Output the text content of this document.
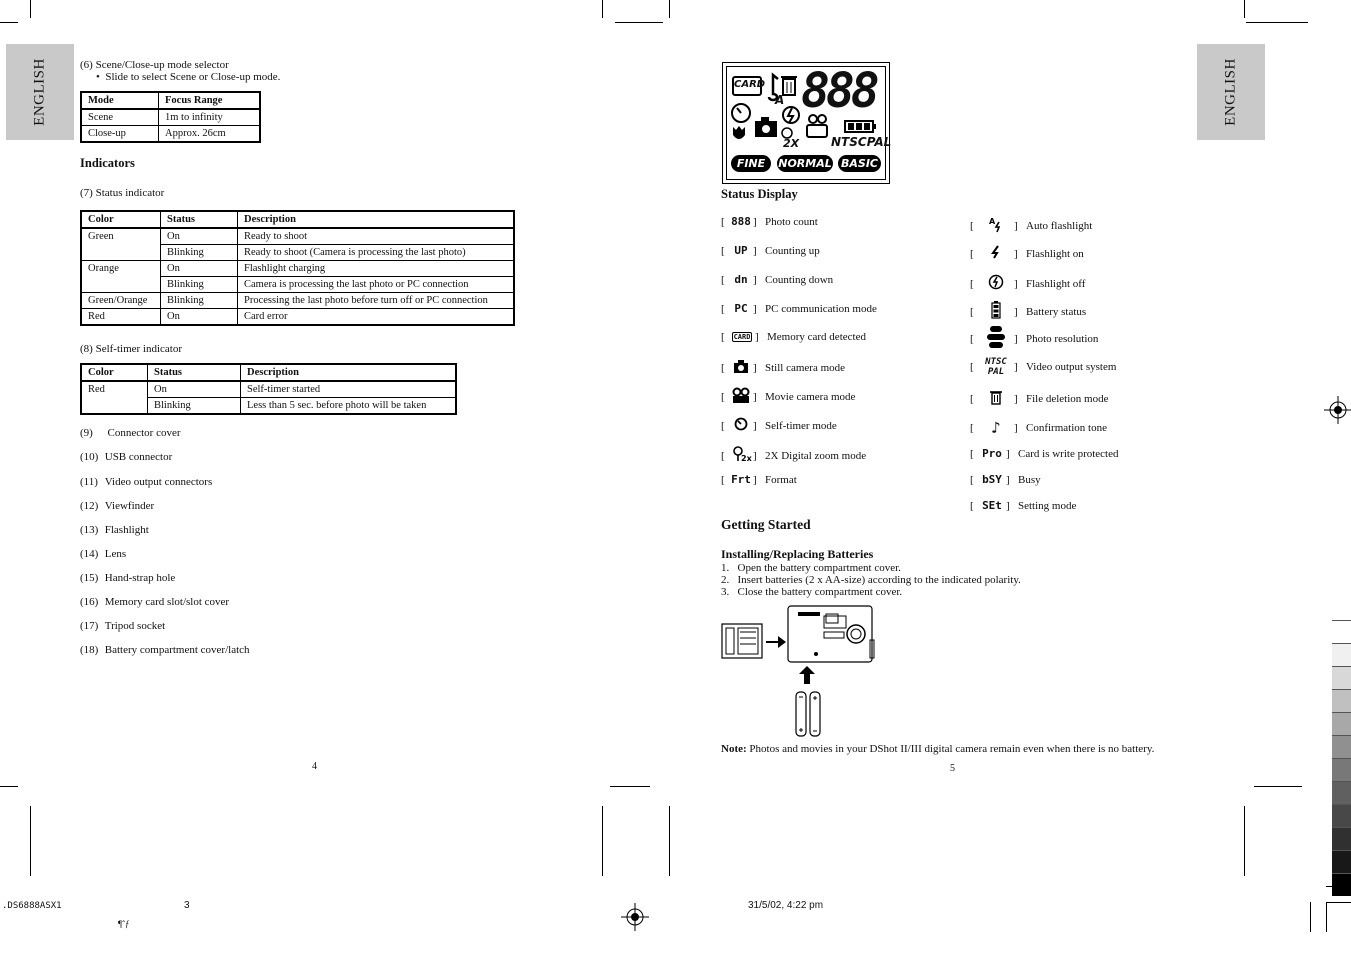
ENGLISH	(6) Scene/Close-up mode selector
•  Slide to select Scene or Close-up mode.
Mode	Focus Range
Scene	1m to infinity
Close-up	Approx. 26cm
Indicators
(7) Status indicator
Color	Status	Description
Green	On	Ready to shoot
	Blinking	Ready to shoot (Camera is processing the last photo)
Orange	On	Flashlight charging
	Blinking	Camera is processing the last photo or PC connection
Green/Orange	Blinking	Processing the last photo before turn off or PC connection
Red	On	Card error
(8) Self-timer indicator
Color	Status	Description
Red	On	Self-timer started
	Blinking	Less than 5 sec. before photo will be taken
(9) Connector cover
(10) USB connector
(11) Video output connectors
(12) Viewfinder
(13) Flashlight
(14) Lens
(15) Hand-strap hole
(16) Memory card slot/slot cover
(17) Tripod socket
(18) Battery compartment cover/latch
4
ENGLISH
CARD
A 888
2X	NTSCPAL
FINE	NORMAL BASIC
Status Display
[ 888 ] Photo count
[ UP ] Counting up
[ dn ] Counting down
[ PC ] PC communication mode
[	CARD ] Memory card detected
[	] Still camera mode
[	] Movie camera mode
[	] Self-timer mode
[	2x ] 2X Digital zoom mode
[ Frt ] Format
[	A ] Auto flashlight
[	] Flashlight on
[	] Flashlight off
[	] Battery status
[	] Photo resolution
[	NTSC
PAL ] Video output system
[	] File deletion mode
[	♪	] Confirmation tone
[ Pro ] Card is write protected
[ bSY ] Busy
[ SEt ] Setting mode
Getting Started
Installing/Replacing Batteries
1.   Open the battery compartment cover.
2.   Insert batteries (2 x AA-size) according to the indicated polarity.
3.   Close the battery compartment cover.
Note: Photos and movies in your DShot II/III digital camera remain even when there is no battery.
5
.DS6888ASX1	3	31/5/02, 4:22 pm
¶ˆƒ
